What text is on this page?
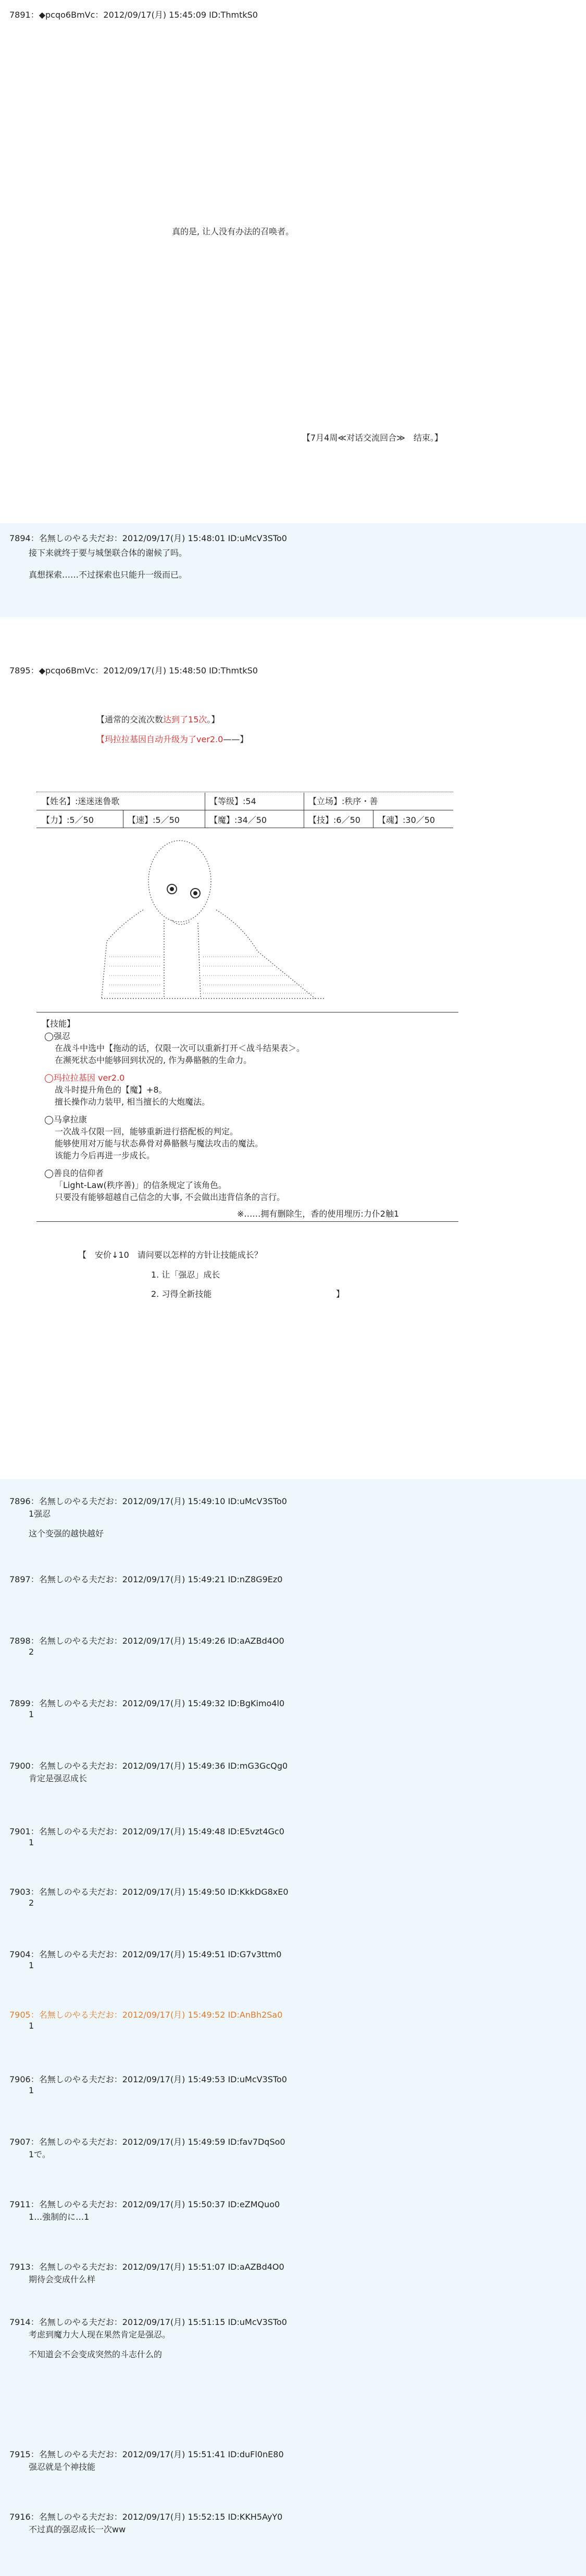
7891：◆pcqo6BmVc：2012/09/17(月) 15:45:09 ID:ThmtkS0
真的是, 让人没有办法的召唤者。
【7月4周≪对话交流回合≫　结束。】
7894：名無しのやる夫だお：2012/09/17(月) 15:48:01 ID:uMcV3STo0
接下来就终于要与城堡联合体的谢候了吗。
真想探索……不过探索也只能升一级而已。
7895：◆pcqo6BmVc：2012/09/17(月) 15:48:50 ID:ThmtkS0
【通常的交流次数达到了15次。】
【玛拉拉基因自动升级为了ver2.0——】
【姓名】:迷迷迷鲁歌	【等级】:54	【立场】:秩序・善
【力】:5／50	【速】:5／50	【魔】:34／50	【技】:6／50 【魂】:30／50
【技能】
◯强忍
在战斗中选中【拖动的话，仅限一次可以重新打开＜战斗结果表＞。
在濒死状态中能够回到状况的, 作为鼻骼骸的生命力。
◯玛拉拉基因 ver2.0
战斗时提升角色的【魔】+8。
擅长操作动力装甲, 相当擅长的大炮魔法。
◯马拿拉康
一次战斗仅限一回，能够重新进行搭配板的判定。
能够使用对万能与状态鼻骨对鼻骼骸与魔法攻击的魔法。
该能力今后再进一步成长。
◯善良的信仰者
「Light-Law(秩序善)」的信条规定了该角色。
只要没有能够超越自己信念的大事, 不会做出违背信条的言行。
※……拥有删除生，香的使用埋历:力仆2触1
【　安价↓10　请问要以怎样的方针让技能成长？
1. 让「强忍」成长
2. 习得全新技能	】
7896：名無しのやる夫だお：2012/09/17(月) 15:49:10 ID:uMcV3STo0
1强忍
这个变强的越快越好
7897：名無しのやる夫だお：2012/09/17(月) 15:49:21 ID:nZ8G9Ez0
7898：名無しのやる夫だお：2012/09/17(月) 15:49:26 ID:aAZBd4O0
2
7899：名無しのやる夫だお：2012/09/17(月) 15:49:32 ID:BgKimo4l0
1
7900：名無しのやる夫だお：2012/09/17(月) 15:49:36 ID:mG3GcQg0
肯定是强忍成长
7901：名無しのやる夫だお：2012/09/17(月) 15:49:48 ID:E5vzt4Gc0
1
7903：名無しのやる夫だお：2012/09/17(月) 15:49:50 ID:KkkDG8xE0
2
7904：名無しのやる夫だお：2012/09/17(月) 15:49:51 ID:G7v3ttm0
1
7905：名無しのやる夫だお：2012/09/17(月) 15:49:52 ID:AnBh2Sa0
1
7906：名無しのやる夫だお：2012/09/17(月) 15:49:53 ID:uMcV3STo0
1
7907：名無しのやる夫だお：2012/09/17(月) 15:49:59 ID:fav7DqSo0
1で。
7911：名無しのやる夫だお：2012/09/17(月) 15:50:37 ID:eZMQuo0
1…強制的に…1
7913：名無しのやる夫だお：2012/09/17(月) 15:51:07 ID:aAZBd4O0
期待会变成什么样
7914：名無しのやる夫だお：2012/09/17(月) 15:51:15 ID:uMcV3STo0
考虑到魔力大人现在果然肯定是强忍。
不知道会不会变成突然的斗志什么的
7915：名無しのやる夫だお：2012/09/17(月) 15:51:41 ID:duFl0nE80
强忍就是个神技能
7916：名無しのやる夫だお：2012/09/17(月) 15:52:15 ID:KKH5AyY0
不过真的强忍成长一次ww
